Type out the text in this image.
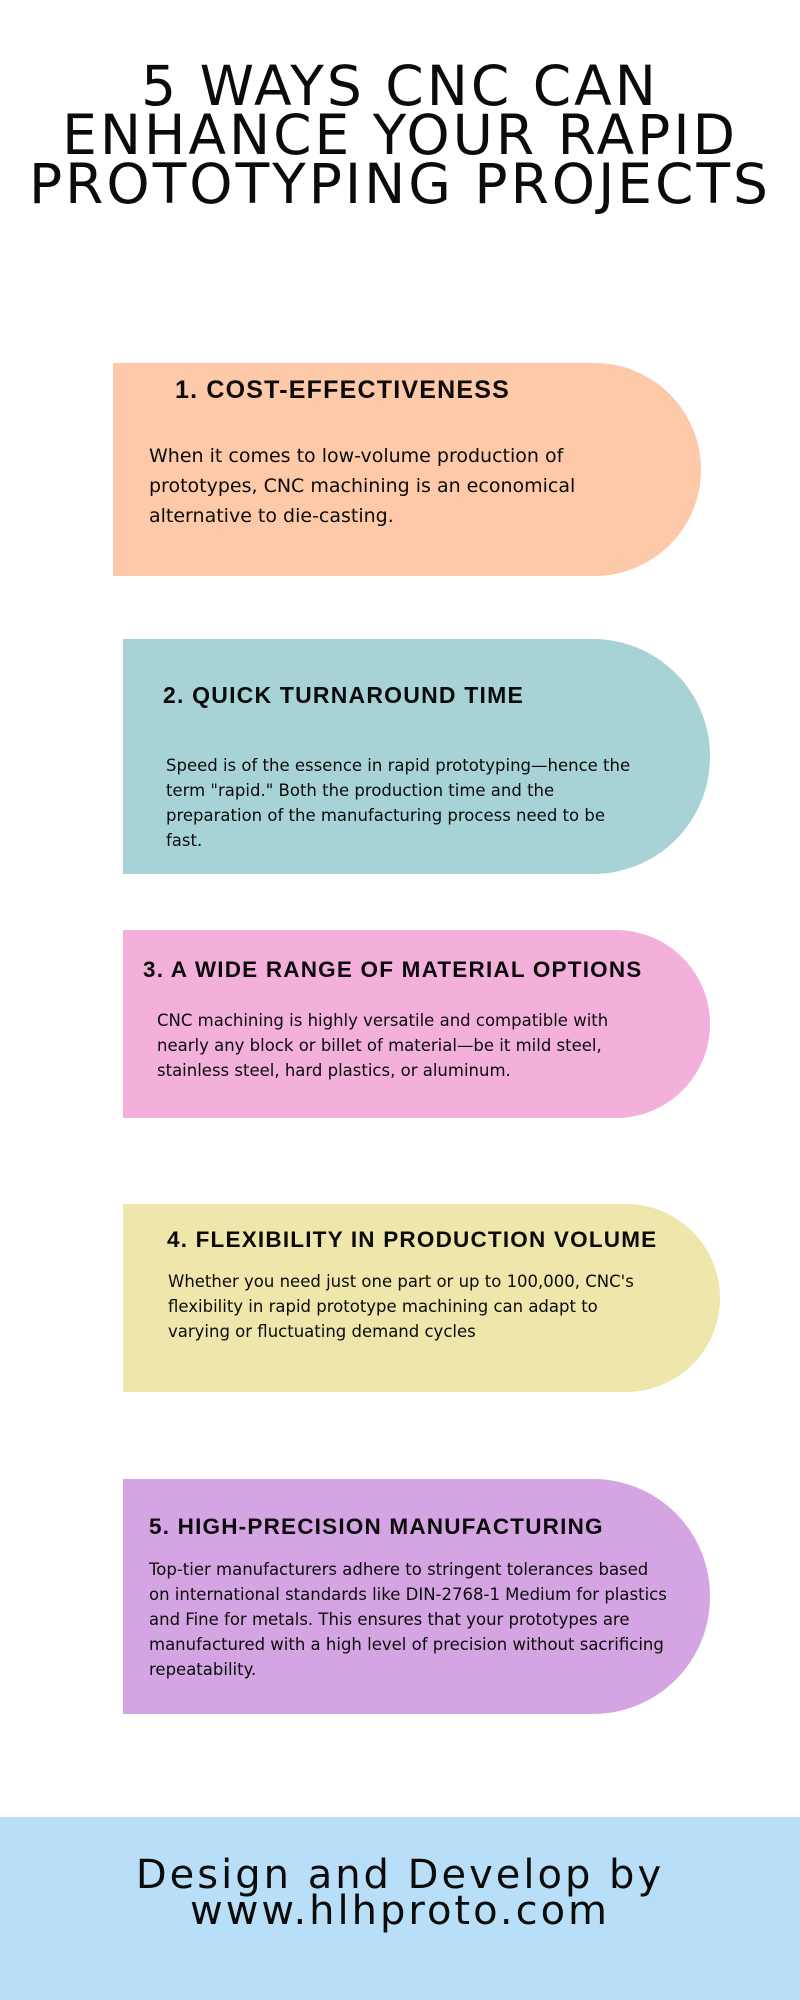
5 WAYS CNC CAN ENHANCE YOUR RAPID PROTOTYPING PROJECTS
1. COST-EFFECTIVENESS

When it comes to low-volume production of prototypes, CNC machining is an economical alternative to die-casting.

2. QUICK TURNAROUND TIME

Speed is of the essence in rapid prototyping—hence the term "rapid." Both the production time and the preparation of the manufacturing process need to be fast.

3. A WIDE RANGE OF MATERIAL OPTIONS

CNC machining is highly versatile and compatible with nearly any block or billet of material—be it mild steel, stainless steel, hard plastics, or aluminum.

4. FLEXIBILITY IN PRODUCTION VOLUME

Whether you need just one part or up to 100,000, CNC's flexibility in rapid prototype machining can adapt to varying or fluctuating demand cycles

5. HIGH-PRECISION MANUFACTURING

Top-tier manufacturers adhere to stringent tolerances based on international standards like DIN-2768-1 Medium for plastics and Fine for metals. This ensures that your prototypes are manufactured with a high level of precision without sacrificing repeatability.

Design and Develop by
www.hlhproto.com
